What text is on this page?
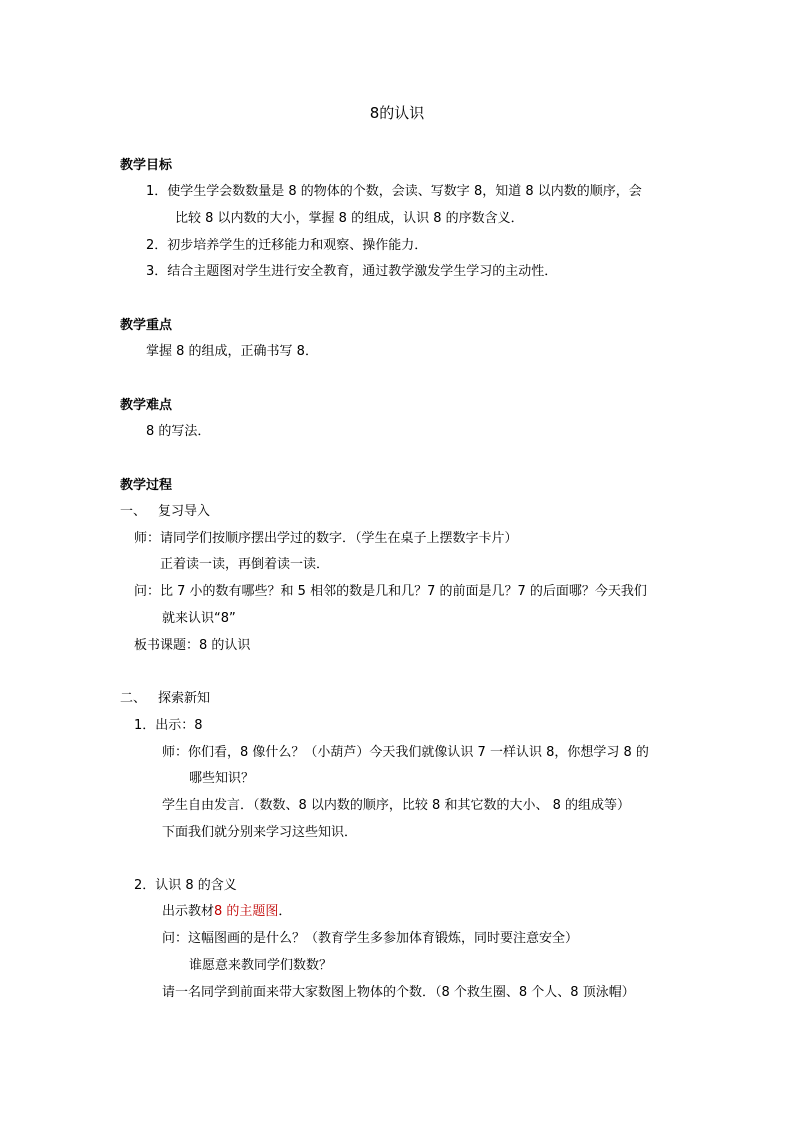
8的认识
教学目标
1．使学生学会数数量是 8 的物体的个数，会读、写数字 8，知道 8 以内数的顺序，会
比较 8 以内数的大小，掌握 8 的组成，认识 8 的序数含义．
2．初步培养学生的迁移能力和观察、操作能力．
3．结合主题图对学生进行安全教育，通过教学激发学生学习的主动性．
教学重点
掌握 8 的组成，正确书写 8．
教学难点
8 的写法．
教学过程
一、 复习导入
师：请同学们按顺序摆出学过的数字．（学生在桌子上摆数字卡片）
正着读一读，再倒着读一读．
问：比 7 小的数有哪些？和 5 相邻的数是几和几？7 的前面是几？7 的后面哪？今天我们
就来认识“8”
板书课题：8 的认识
二、 探索新知
1．出示：8
师：你们看，8 像什么？（小葫芦）今天我们就像认识 7 一样认识 8，你想学习 8 的
哪些知识？
学生自由发言．（数数、8 以内数的顺序，比较 8 和其它数的大小、 8 的组成等）
下面我们就分别来学习这些知识．
2．认识 8 的含义
出示教材8 的主题图．
问：这幅图画的是什么？（教育学生多参加体育锻炼，同时要注意安全）
谁愿意来教同学们数数？
请一名同学到前面来带大家数图上物体的个数．（8 个救生圈、8 个人、8 顶泳帽）
